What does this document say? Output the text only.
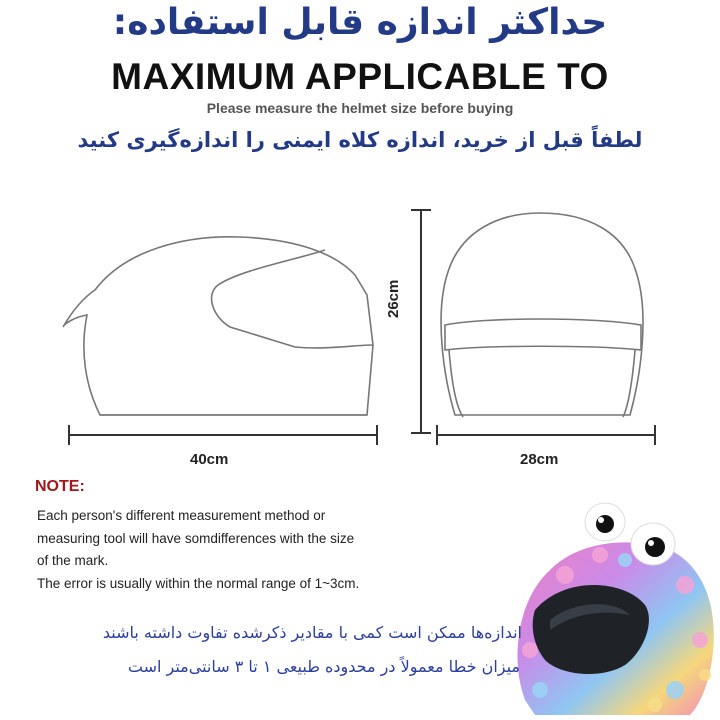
حداکثر اندازه قابل استفاده:
MAXIMUM APPLICABLE TO
Please measure the helmet size before buying
لطفاً قبل از خرید، اندازه کلاه ایمنی را اندازه‌گیری کنید
40cm
26cm
28cm
NOTE:
Each person's different measurement method or
measuring tool will have somdifferences with the size
of the mark.
The error is usually within the normal range of 1~3cm.
اندازه‌ها ممکن است کمی با مقادیر ذکرشده تفاوت داشته باشند
میزان خطا معمولاً در محدوده طبیعی ۱ تا ۳ سانتی‌متر است
